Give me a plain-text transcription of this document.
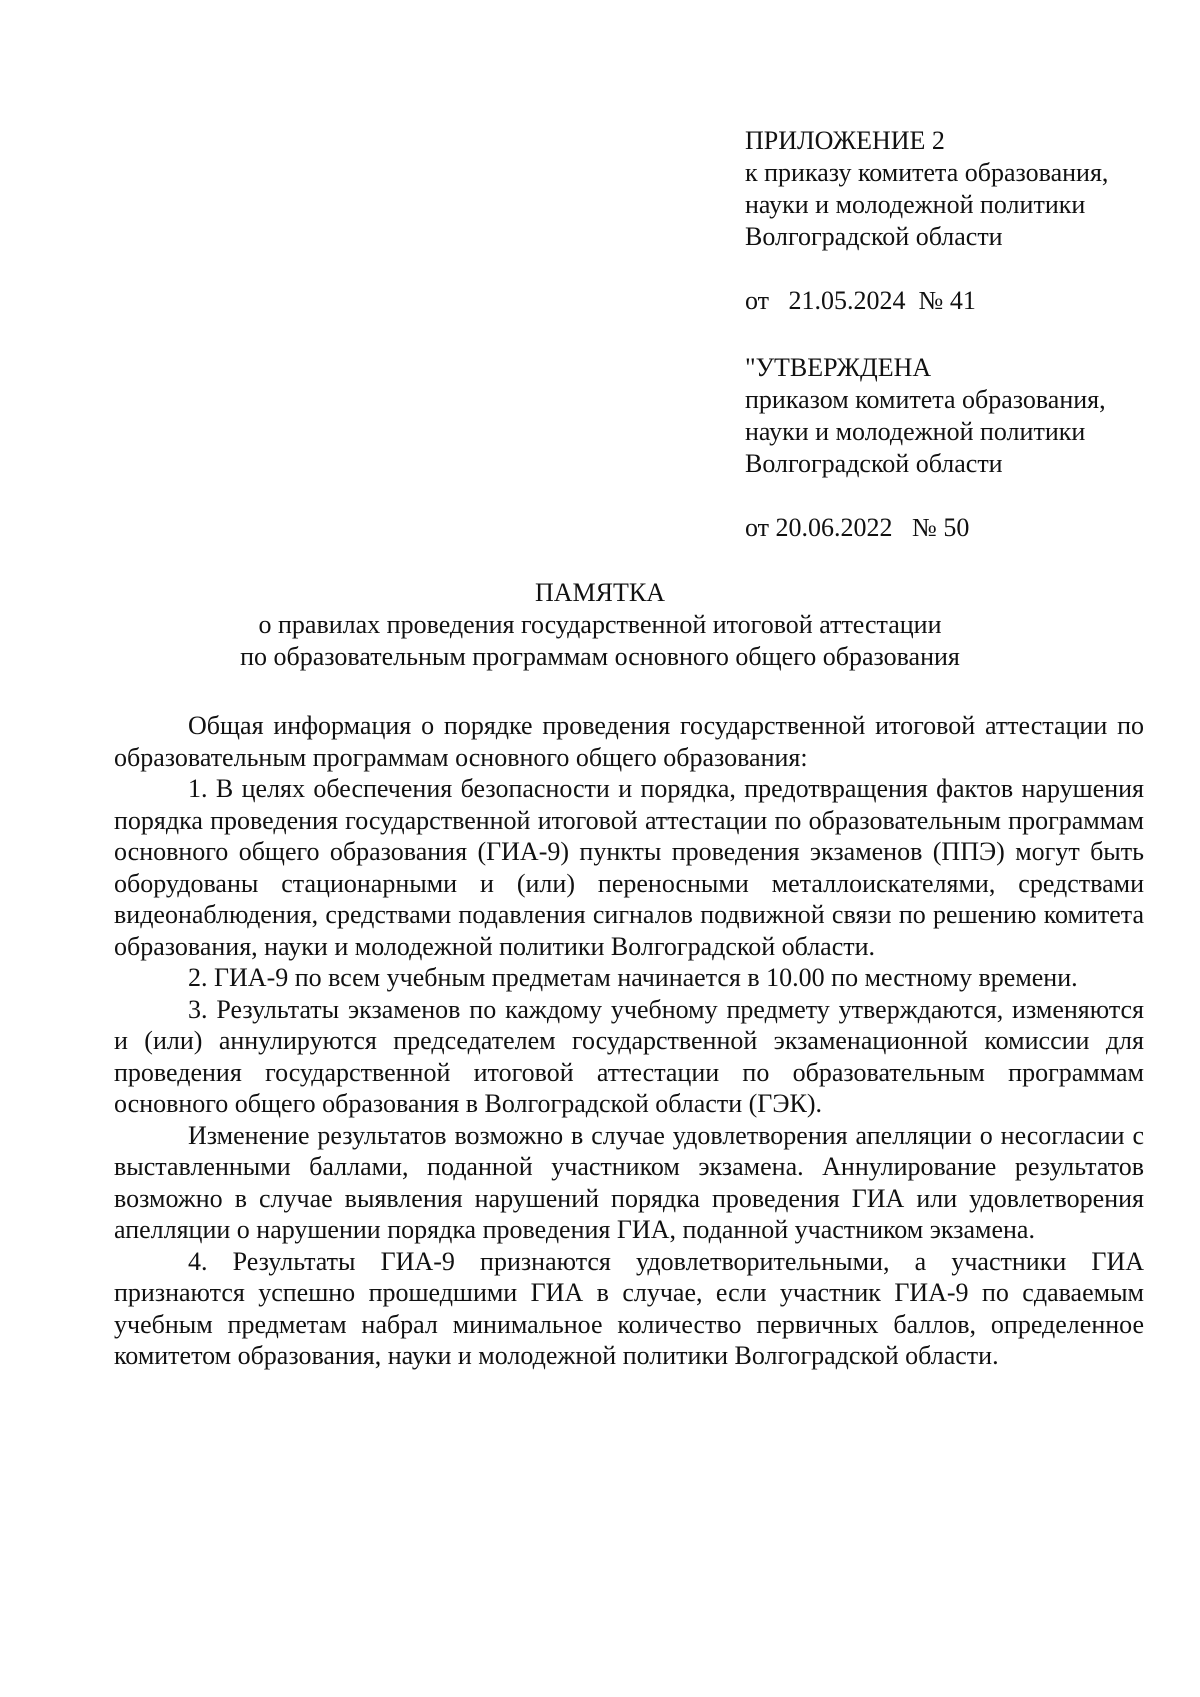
ПРИЛОЖЕНИЕ 2
к приказу комитета образования,
науки и молодежной политики
Волгоградской области
от 21.05.2024 № 41
"УТВЕРЖДЕНА
приказом комитета образования,
науки и молодежной политики
Волгоградской области
от 20.06.2022 № 50
ПАМЯТКА
о правилах проведения государственной итоговой аттестации
по образовательным программам основного общего образования

Общая информация о порядке проведения государственной итоговой аттестации по образовательным программам основного общего образования:

1. В целях обеспечения безопасности и порядка, предотвращения фактов нарушения порядка проведения государственной итоговой аттестации по образовательным программам основного общего образования (ГИА-9) пункты проведения экзаменов (ППЭ) могут быть оборудованы стационарными и (или) переносными металлоискателями, средствами видеонаблюдения, средствами подавления сигналов подвижной связи по решению комитета образования, науки и молодежной политики Волгоградской области.

2. ГИА-9 по всем учебным предметам начинается в 10.00 по местному времени.

3. Результаты экзаменов по каждому учебному предмету утверждаются, изменяются и (или) аннулируются председателем государственной экзаменационной комиссии для проведения государственной итоговой аттестации по образовательным программам основного общего образования в Волгоградской области (ГЭК).

Изменение результатов возможно в случае удовлетворения апелляции о несогласии с выставленными баллами, поданной участником экзамена. Аннулирование результатов возможно в случае выявления нарушений порядка проведения ГИА или удовлетворения апелляции о нарушении порядка проведения ГИА, поданной участником экзамена.

4. Результаты ГИА-9 признаются удовлетворительными, а участники ГИА признаются успешно прошедшими ГИА в случае, если участник ГИА-9 по сдаваемым учебным предметам набрал минимальное количество первичных баллов, определенное комитетом образования, науки и молодежной политики Волгоградской области.
